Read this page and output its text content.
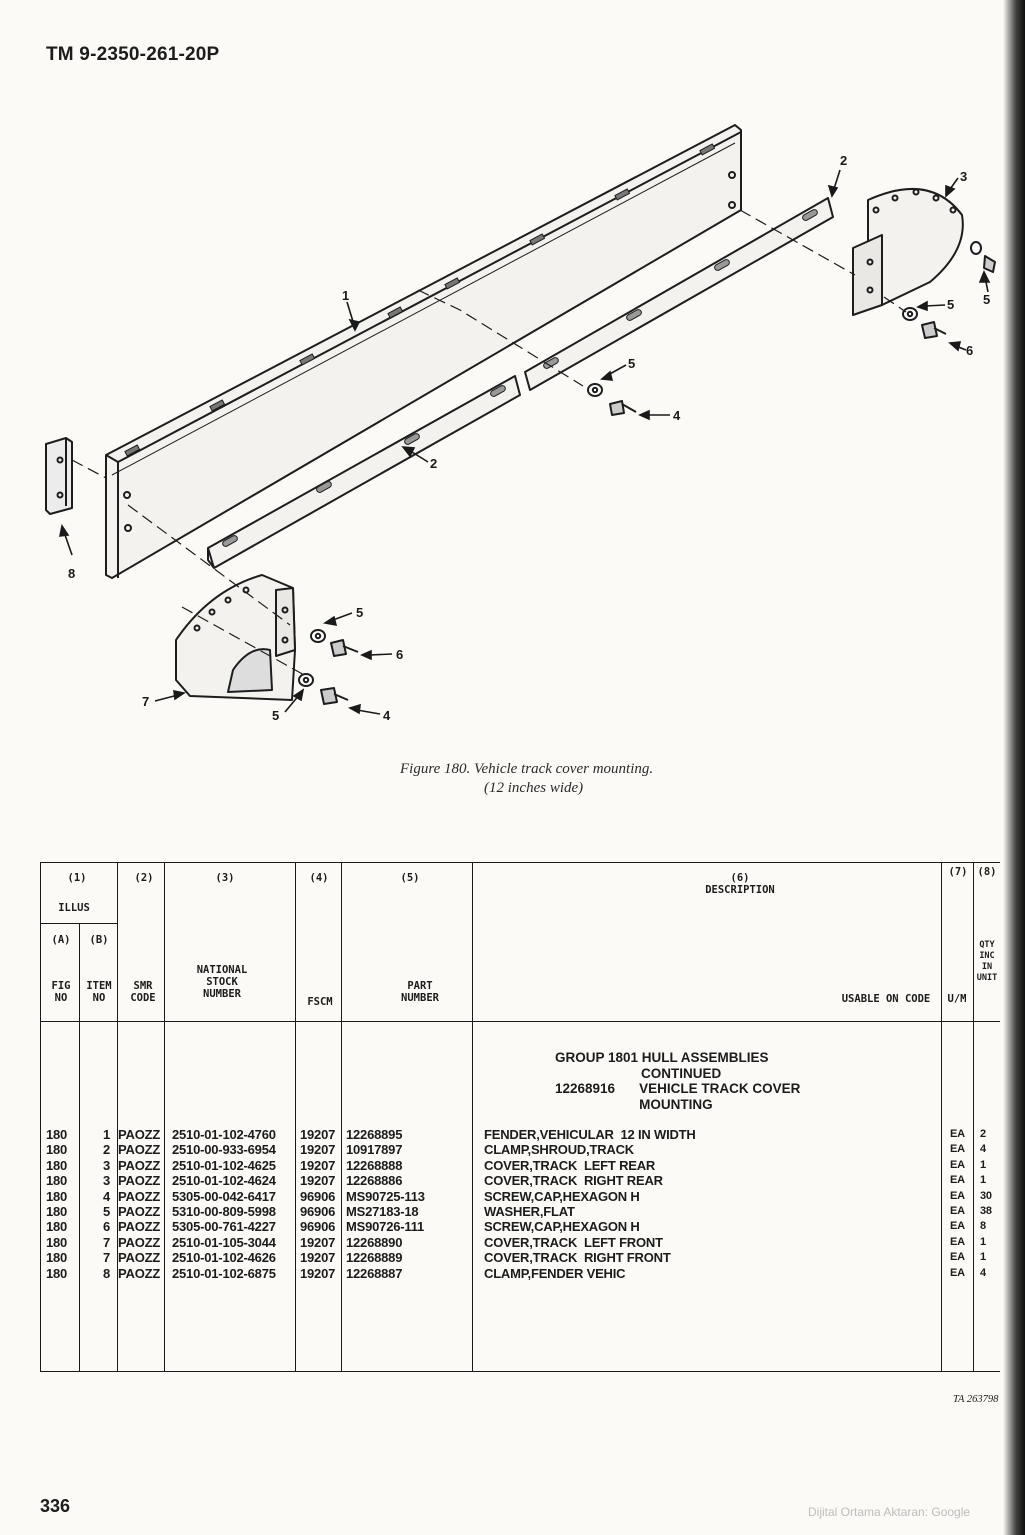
TM 9-2350-261-20P
1
2
2
3
4
4
5
5 5
5
5
6
6
7
8
Figure 180. Vehicle track cover mounting.
(12 inches wide)
(1)
ILLUS
(A)	(B)
FIG
NO
ITEM
NO
(2)
SMR
CODE
(3)
NATIONAL
STOCK
NUMBER
(4)
FSCM
(5)
PART
NUMBER
(6)
DESCRIPTION
USABLE ON CODE
(7)
U/M
(8)
QTY
INC
IN
UNIT
GROUP 1801 HULL ASSEMBLIES
CONTINUED
12268916 VEHICLE TRACK COVER
MOUNTING
180	1 PAOZZ 2510-01-102-4760 19207 12268895	FENDER,VEHICULAR  12 IN WIDTH	EA 2
180	2 PAOZZ 2510-00-933-6954 19207 10917897	CLAMP,SHROUD,TRACK	EA 4
180	3 PAOZZ 2510-01-102-4625 19207 12268888	COVER,TRACK  LEFT REAR	EA 1
180	3 PAOZZ 2510-01-102-4624 19207 12268886	COVER,TRACK  RIGHT REAR	EA 1
180	4 PAOZZ 5305-00-042-6417 96906 MS90725-113	SCREW,CAP,HEXAGON H	EA 30
180	5 PAOZZ 5310-00-809-5998 96906 MS27183-18	WASHER,FLAT	EA 38
180	6 PAOZZ 5305-00-761-4227 96906 MS90726-111	SCREW,CAP,HEXAGON H	EA 8
180	7 PAOZZ 2510-01-105-3044 19207 12268890	COVER,TRACK  LEFT FRONT	EA 1
180	7 PAOZZ 2510-01-102-4626 19207 12268889	COVER,TRACK  RIGHT FRONT	EA 1
180	8 PAOZZ 2510-01-102-6875 19207 12268887	CLAMP,FENDER VEHIC	EA 4
TA 263798
336	Dijital Ortama Aktaran: Google
